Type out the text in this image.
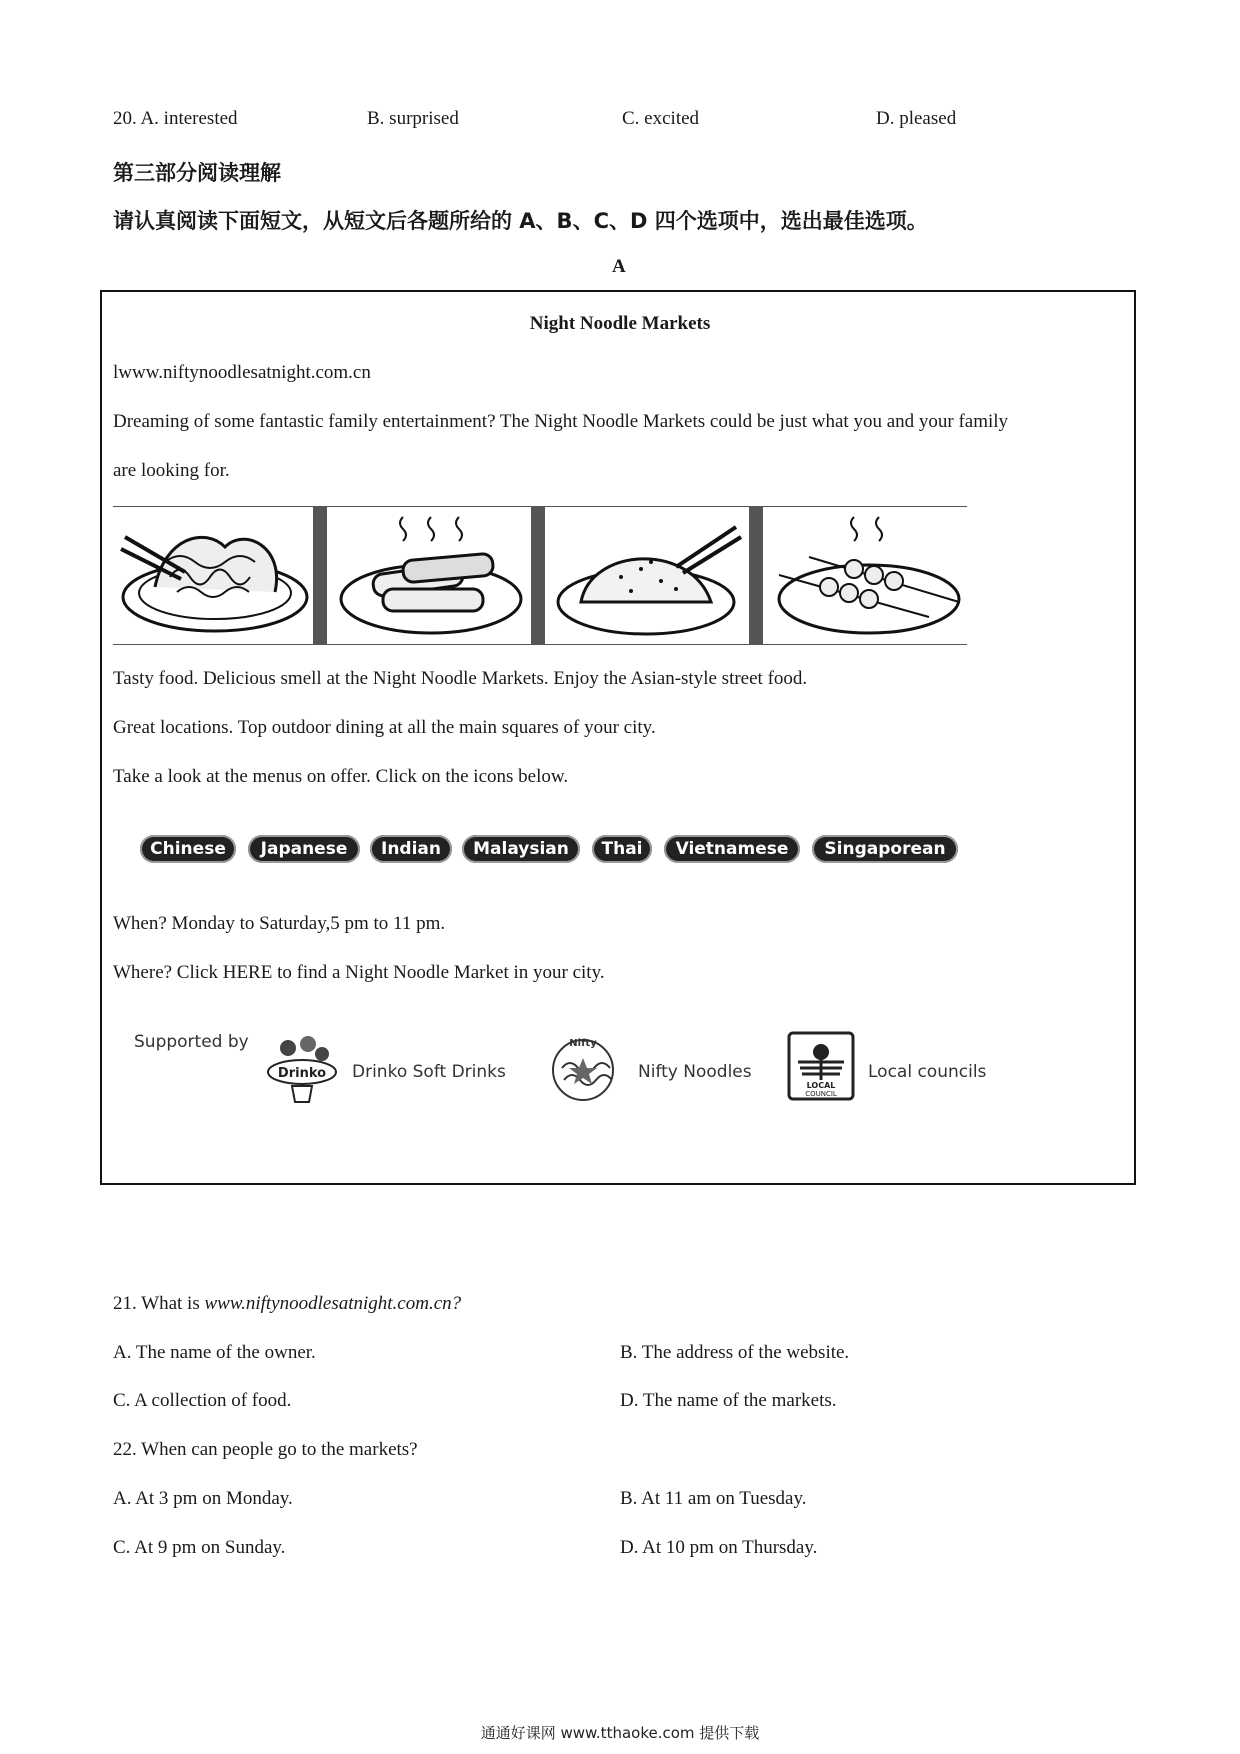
20. A. interested	B. surprised	C. excited	D. pleased
第三部分阅读理解
请认真阅读下面短文，从短文后各题所给的 A、B、C、D 四个选项中，选出最佳选项。
A
Night Noodle Markets
lwww.niftynoodlesatnight.com.cn
Dreaming of some fantastic family entertainment? The Night Noodle Markets could be just what you and your family
are looking for.
Tasty food. Delicious smell at the Night Noodle Markets. Enjoy the Asian-style street food.
Great locations. Top outdoor dining at all the main squares of your city.
Take a look at the menus on offer. Click on the icons below.
Chinese	Japanese	Indian	Malaysian	Thai	Vietnamese	Singaporean
When? Monday to Saturday,5 pm to 11 pm.
Where? Click HERE to find a Night Noodle Market in your city.
Supported by
Drinko Drinko Soft Drinks
Nifty
Nifty Noodles
LOCAL
COUNCIL
Local councils
21. What is www.niftynoodlesatnight.com.cn?
A. The name of the owner.	B. The address of the website.
C. A collection of food.	D. The name of the markets.
22. When can people go to the markets?
A. At 3 pm on Monday.	B. At 11 am on Tuesday.
C. At 9 pm on Sunday.	D. At 10 pm on Thursday.
通通好课网 www.tthaoke.com 提供下载
